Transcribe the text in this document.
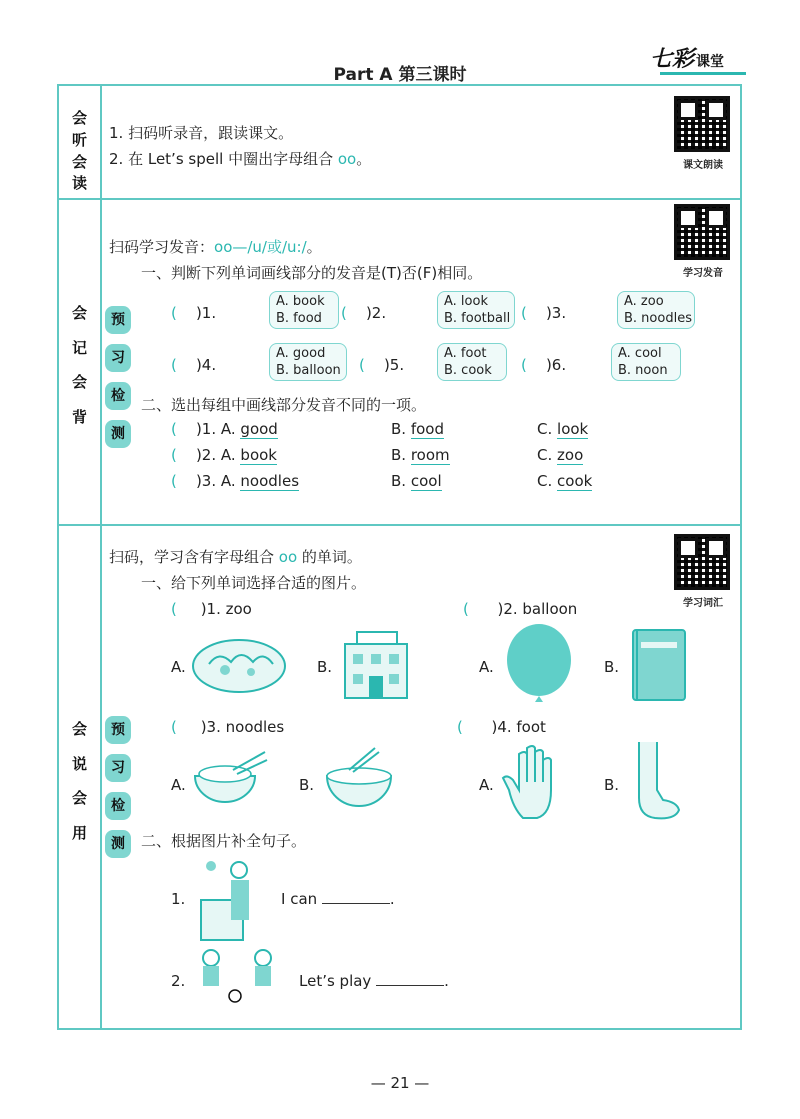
Part A 第三课时
七彩 课堂
会
听
会
读
1. 扫码听录音，跟读课文。
2. 在 Let’s spell 中圈出字母组合 oo。	课文朗读
会
记
会
背
预
习
检
测
学习发音
扫码学习发音：oo—/u/或/u:/。
一、判断下列单词画线部分的发音是(T)否(F)相同。
( )1.
A. book
B. food	( )2.
A. look
B. football ( )3.
A. zoo
B. noodles
( )4.
A. good
B. balloon	( )5.
A. foot
B. cook	( )6.
A. cool
B. noon
二、选出每组中画线部分发音不同的一项。
( )1. A. good	B. food	C. look
( )2. A. book	B. room	C. zoo
( )3. A. noodles	B. cool	C. cook
会
说
会
用
预
习
检
测
学习词汇
扫码，学习含有字母组合 oo 的单词。
一、给下列单词选择合适的图片。
( )1. zoo	( )2. balloon
A.	B.	A.	B.
( )3. noodles	( )4. foot
A.	B.	A.	B.
二、根据图片补全句子。
1.	I can	.
2.	Let’s play	.
— 21 —
